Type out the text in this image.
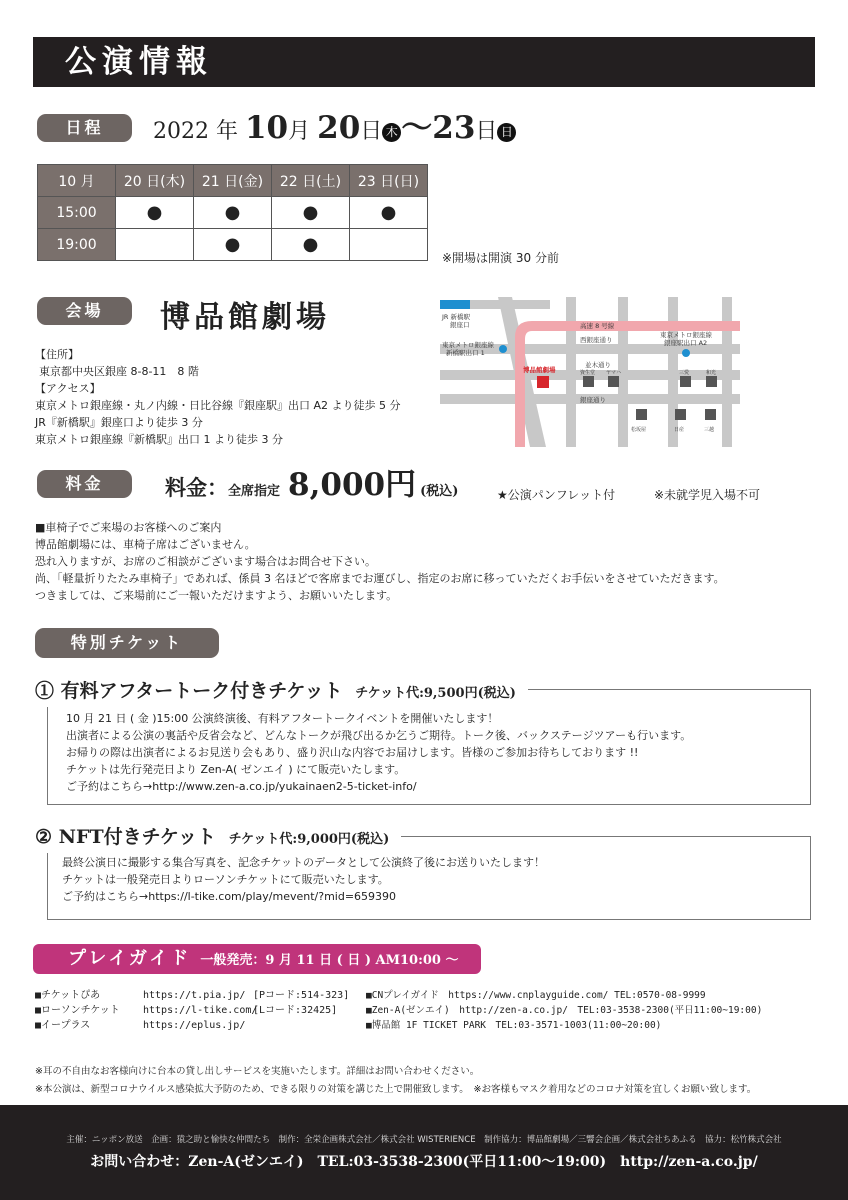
公演情報
日程	2022 年 10月 20日 木 〜23日 日
10 月	20 日(木)	21 日(金)	22 日(土)	23 日(日)
15:00	●	●	●	●
19:00		●	●	
※開場は開演 30 分前
会場	博品館劇場
【住所】
東京都中央区銀座 8-8-11　8 階
【アクセス】
東京メトロ銀座線・丸ノ内線・日比谷線『銀座駅』出口 A2 より徒歩 5 分
JR『新橋駅』銀座口より徒歩 3 分
東京メトロ銀座線『新橋駅』出口 1 より徒歩 3 分
JR 新橋駅
銀座口
東京メトロ銀座線
新橋駅出口 1
東京メトロ銀座線
銀座駅出口 A2
高速 8 号線
西銀座通り
並木通り
銀座通り
博品館劇場	資生堂 ヤマハ	三愛	和光
松坂屋	日産	三越
料金	料金：全席指定 8,000円 (税込)	★公演パンフレット付	※未就学児入場不可
■車椅子でご来場のお客様へのご案内
博品館劇場には、車椅子席はございません。
恐れ入りますが、お席のご相談がございます場合はお問合せ下さい。
尚、「軽量折りたたみ車椅子」であれば、係員 3 名ほどで客席までお運びし、指定のお席に移っていただくお手伝いをさせていただきます。
つきましては、ご来場前にご一報いただけますよう、お願いいたします。
特別チケット
① 有料アフタートーク付きチケット チケット代:9,500円(税込)
10 月 21 日 ( 金 )15:00 公演終演後、有料アフタートークイベントを開催いたします！
出演者による公演の裏話や反省会など、どんなトークが飛び出るか乞うご期待。トーク後、バックステージツアーも行います。
お帰りの際は出演者によるお見送り会もあり、盛り沢山な内容でお届けします。皆様のご参加お待ちしております !!
チケットは先行発売日より Zen-A( ゼンエイ ) にて販売いたします。
ご予約はこちら→http://www.zen-a.co.jp/yukainaen2-5-ticket-info/
② NFT付きチケット チケット代:9,000円(税込)
最終公演日に撮影する集合写真を、記念チケットのデータとして公演終了後にお送りいたします！
チケットは一般発売日よりローソンチケットにて販売いたします。
ご予約はこちら→https://l-tike.com/play/mevent/?mid=659390
プレイガイド 一般発売：9 月 11 日 ( 日 ) AM10:00 〜
■チケットぴあ	https://t.pia.jp/ [Pコード:514-323]
■ローソンチケット https://l-tike.com/[Lコード:32425]
■イープラス	https://eplus.jp/
■CNプレイガイド　https://www.cnplayguide.com/ TEL:0570-08-9999
■Zen-A(ゼンエイ)　http://zen-a.co.jp/　TEL:03-3538-2300(平日11:00~19:00)
■博品館 1F TICKET PARK　TEL:03-3571-1003(11:00~20:00)
※耳の不自由なお客様向けに台本の貸し出しサービスを実施いたします。詳細はお問い合わせください。
※本公演は、新型コロナウイルス感染拡大予防のため、できる限りの対策を講じた上で開催致します。　※お客様もマスク着用などのコロナ対策を宜しくお願い致します。
主催：ニッポン放送　企画：猿之助と愉快な仲間たち　制作：全栄企画株式会社／株式会社 WISTERIENCE　制作協力：博品館劇場／三響会企画／株式会社ちあふる　協力：松竹株式会社
お問い合わせ：Zen-A(ゼンエイ)　TEL:03-3538-2300(平日11:00〜19:00)　http://zen-a.co.jp/
